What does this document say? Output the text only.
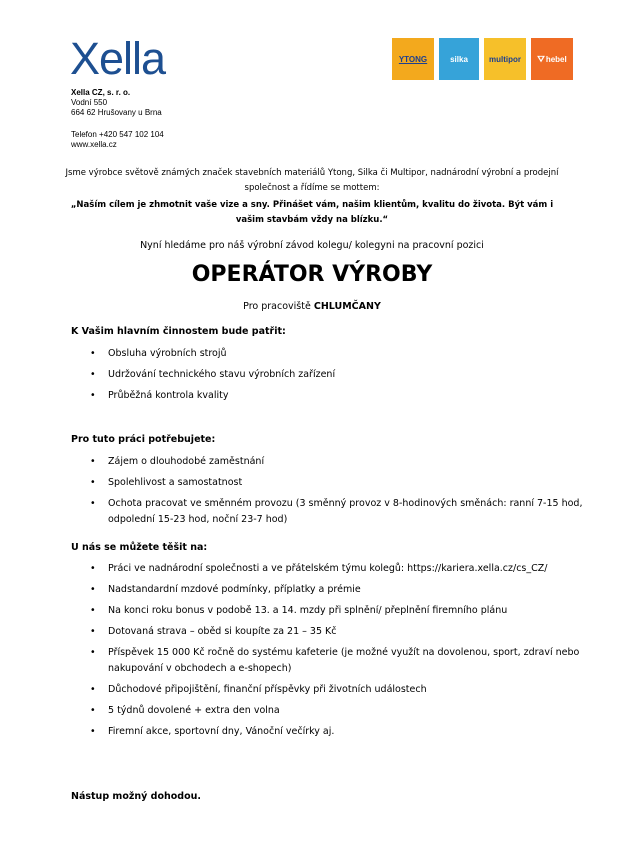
Xella
Xella CZ, s. r. o.
Vodní 550
664 62 Hrušovany u Brna
Telefon +420 547 102 104
www.xella.cz
YTONG	silka	multipor	⛛ hebel
Jsme výrobce světově známých značek stavebních materiálů Ytong, Silka či Multipor, nadnárodní výrobní a prodejní společnost a řídíme se mottem:
„Naším cílem je zhmotnit vaše vize a sny. Přinášet vám, našim klientům, kvalitu do života. Být vám i vašim stavbám vždy na blízku.“
Nyní hledáme pro náš výrobní závod kolegu/ kolegyni na pracovní pozici
OPERÁTOR VÝROBY
Pro pracoviště CHLUMČANY
K Vašim hlavním činnostem bude patřit:
• Obsluha výrobních strojů
• Udržování technického stavu výrobních zařízení
• Průběžná kontrola kvality
Pro tuto práci potřebujete:
• Zájem o dlouhodobé zaměstnání
• Spolehlivost a samostatnost
• Ochota pracovat ve směnném provozu (3 směnný provoz v 8-hodinových směnách: ranní 7-15 hod, odpolední 15-23 hod, noční 23-7 hod)
U nás se můžete těšit na:
• Práci ve nadnárodní společnosti a ve přátelském týmu kolegů: https://kariera.xella.cz/cs_CZ/
• Nadstandardní mzdové podmínky, příplatky a prémie
• Na konci roku bonus v podobě 13. a 14. mzdy při splnění/ přeplnění firemního plánu
• Dotovaná strava – oběd si koupíte za 21 – 35 Kč
• Příspěvek 15 000 Kč ročně do systému kafeterie (je možné využít na dovolenou, sport, zdraví nebo nakupování v obchodech a e-shopech)
• Důchodové připojištění, finanční příspěvky při životních událostech
• 5 týdnů dovolené + extra den volna
• Firemní akce, sportovní dny, Vánoční večírky aj.
Nástup možný dohodou.
